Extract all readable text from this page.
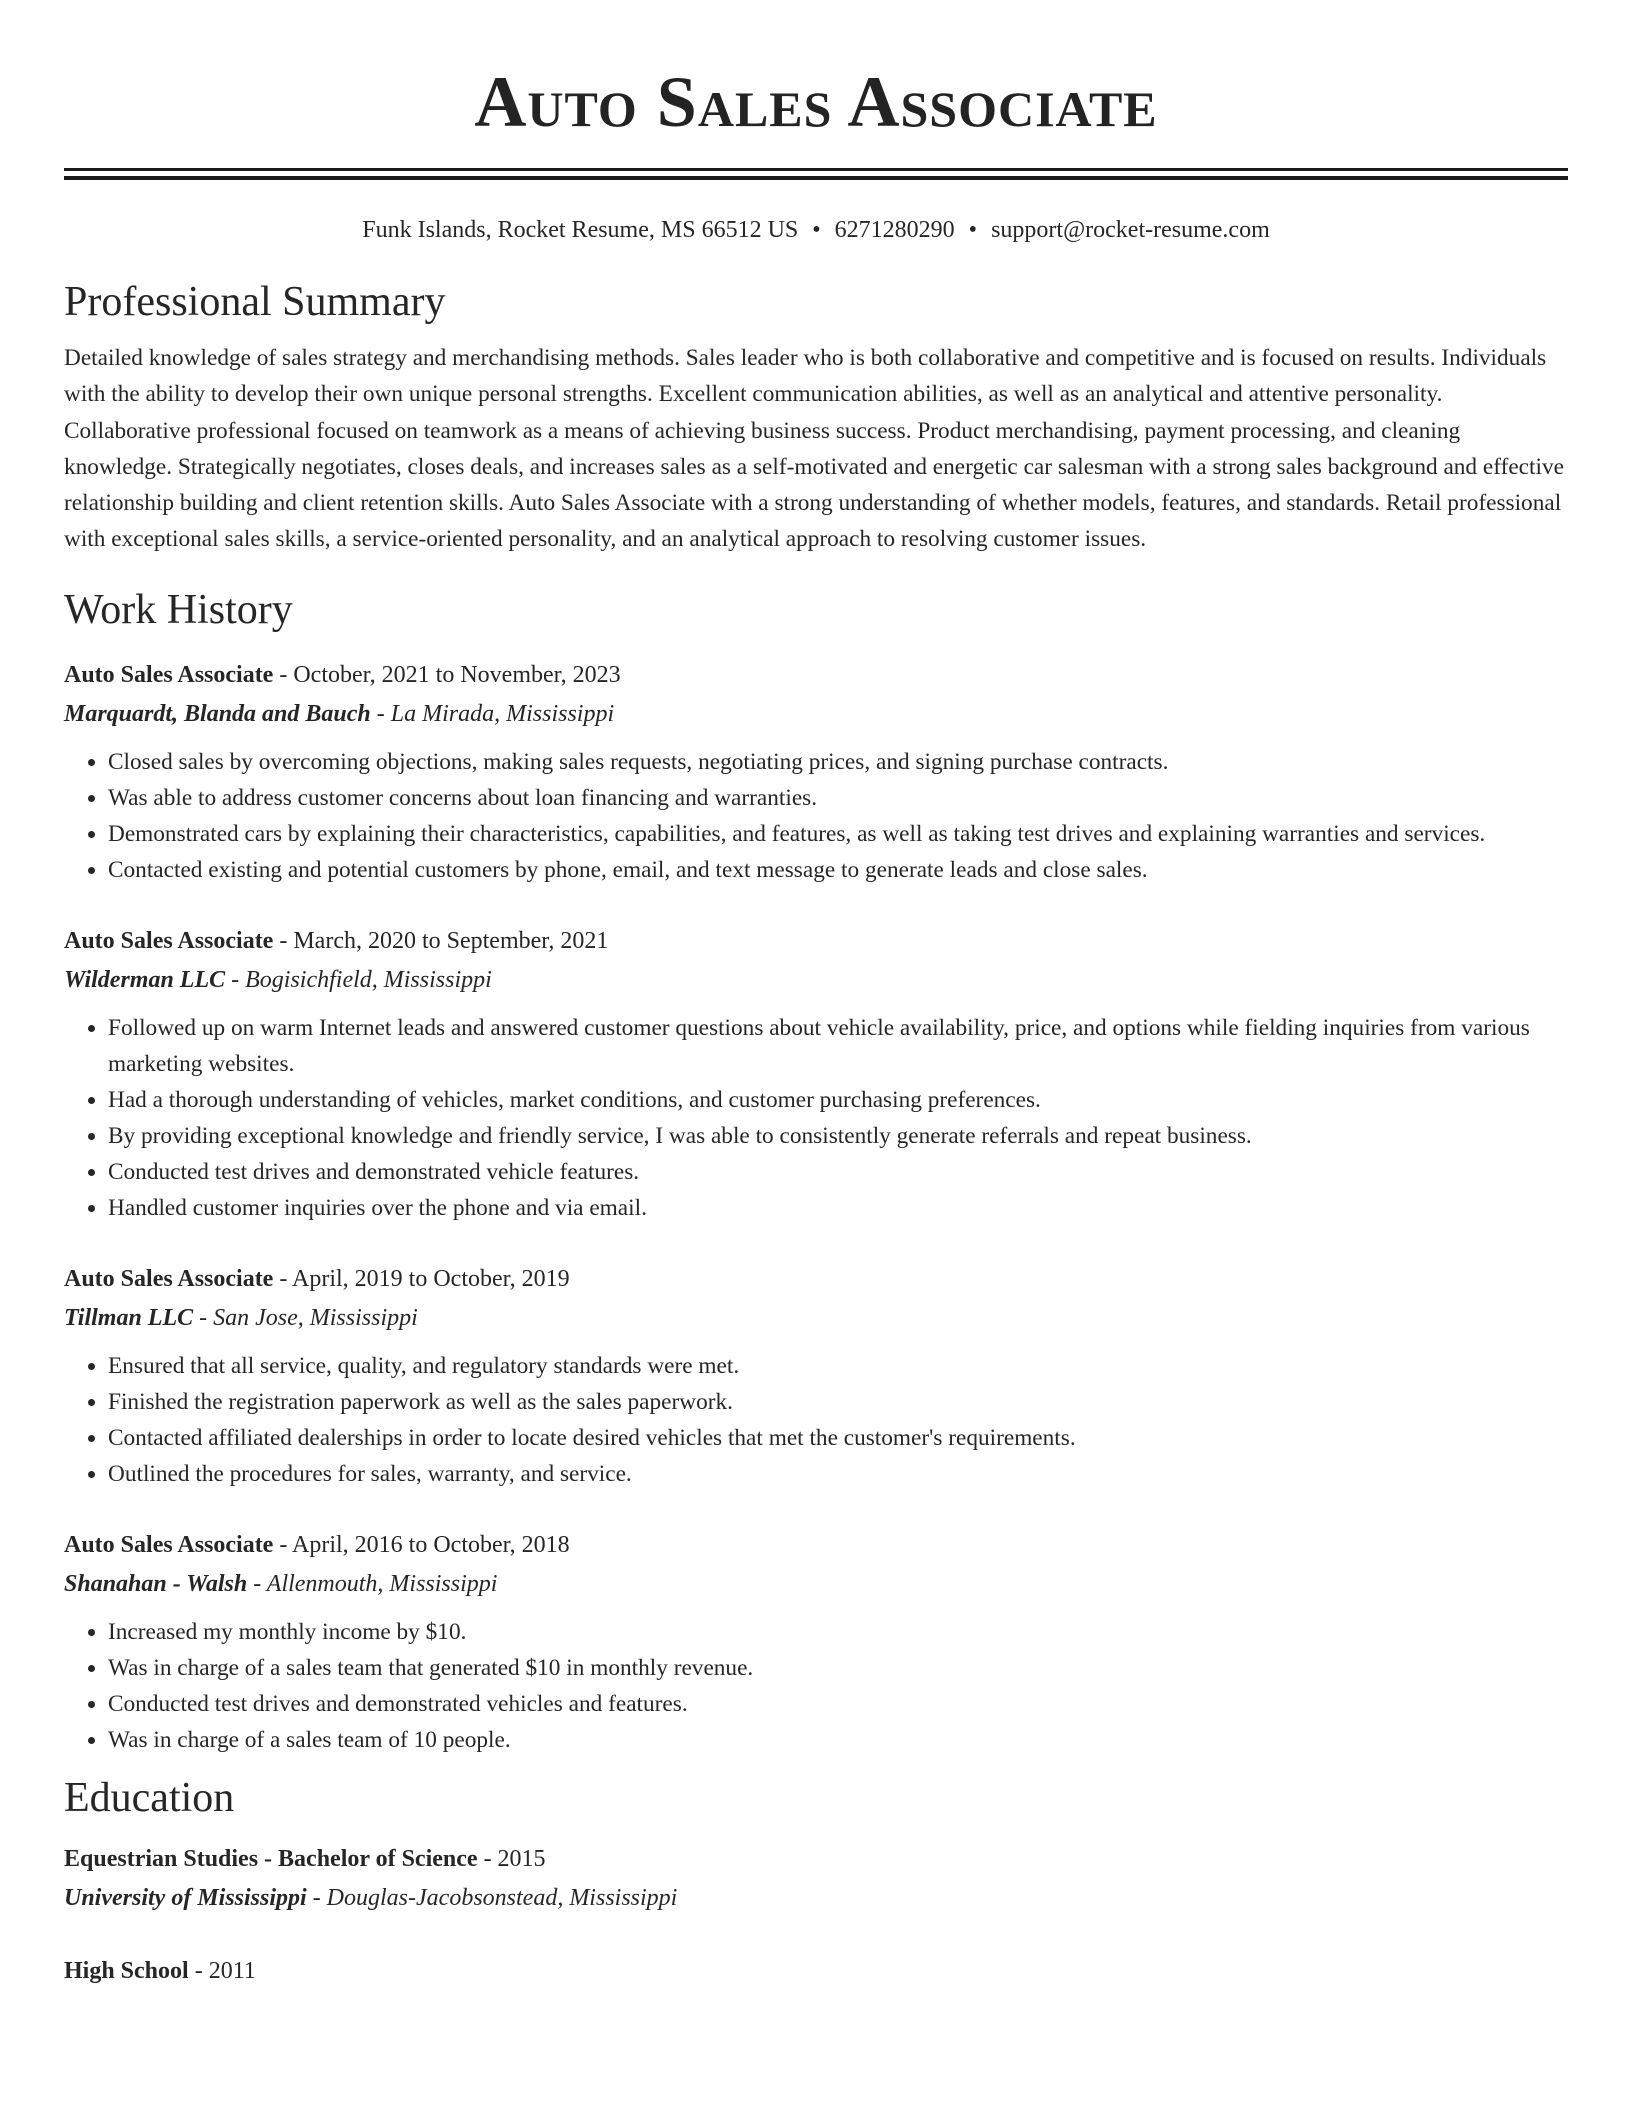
Auto Sales Associate
Funk Islands, Rocket Resume, MS 66512 US • 6271280290 • support@rocket-resume.com
Professional Summary
Detailed knowledge of sales strategy and merchandising methods. Sales leader who is both collaborative and competitive and is focused on results. Individuals with the ability to develop their own unique personal strengths. Excellent communication abilities, as well as an analytical and attentive personality. Collaborative professional focused on teamwork as a means of achieving business success. Product merchandising, payment processing, and cleaning knowledge. Strategically negotiates, closes deals, and increases sales as a self-motivated and energetic car salesman with a strong sales background and effective relationship building and client retention skills. Auto Sales Associate with a strong understanding of whether models, features, and standards. Retail professional with exceptional sales skills, a service-oriented personality, and an analytical approach to resolving customer issues.
Work History
Auto Sales Associate - October, 2021 to November, 2023
Marquardt, Blanda and Bauch - La Mirada, Mississippi
• Closed sales by overcoming objections, making sales requests, negotiating prices, and signing purchase contracts.
• Was able to address customer concerns about loan financing and warranties.
• Demonstrated cars by explaining their characteristics, capabilities, and features, as well as taking test drives and explaining warranties and services.
• Contacted existing and potential customers by phone, email, and text message to generate leads and close sales.
Auto Sales Associate - March, 2020 to September, 2021
Wilderman LLC - Bogisichfield, Mississippi
• Followed up on warm Internet leads and answered customer questions about vehicle availability, price, and options while fielding inquiries from various marketing websites.
• Had a thorough understanding of vehicles, market conditions, and customer purchasing preferences.
• By providing exceptional knowledge and friendly service, I was able to consistently generate referrals and repeat business.
• Conducted test drives and demonstrated vehicle features.
• Handled customer inquiries over the phone and via email.
Auto Sales Associate - April, 2019 to October, 2019
Tillman LLC - San Jose, Mississippi
• Ensured that all service, quality, and regulatory standards were met.
• Finished the registration paperwork as well as the sales paperwork.
• Contacted affiliated dealerships in order to locate desired vehicles that met the customer's requirements.
• Outlined the procedures for sales, warranty, and service.
Auto Sales Associate - April, 2016 to October, 2018
Shanahan - Walsh - Allenmouth, Mississippi
• Increased my monthly income by $10.
• Was in charge of a sales team that generated $10 in monthly revenue.
• Conducted test drives and demonstrated vehicles and features.
• Was in charge of a sales team of 10 people.
Education
Equestrian Studies - Bachelor of Science - 2015
University of Mississippi - Douglas-Jacobsonstead, Mississippi
High School - 2011
